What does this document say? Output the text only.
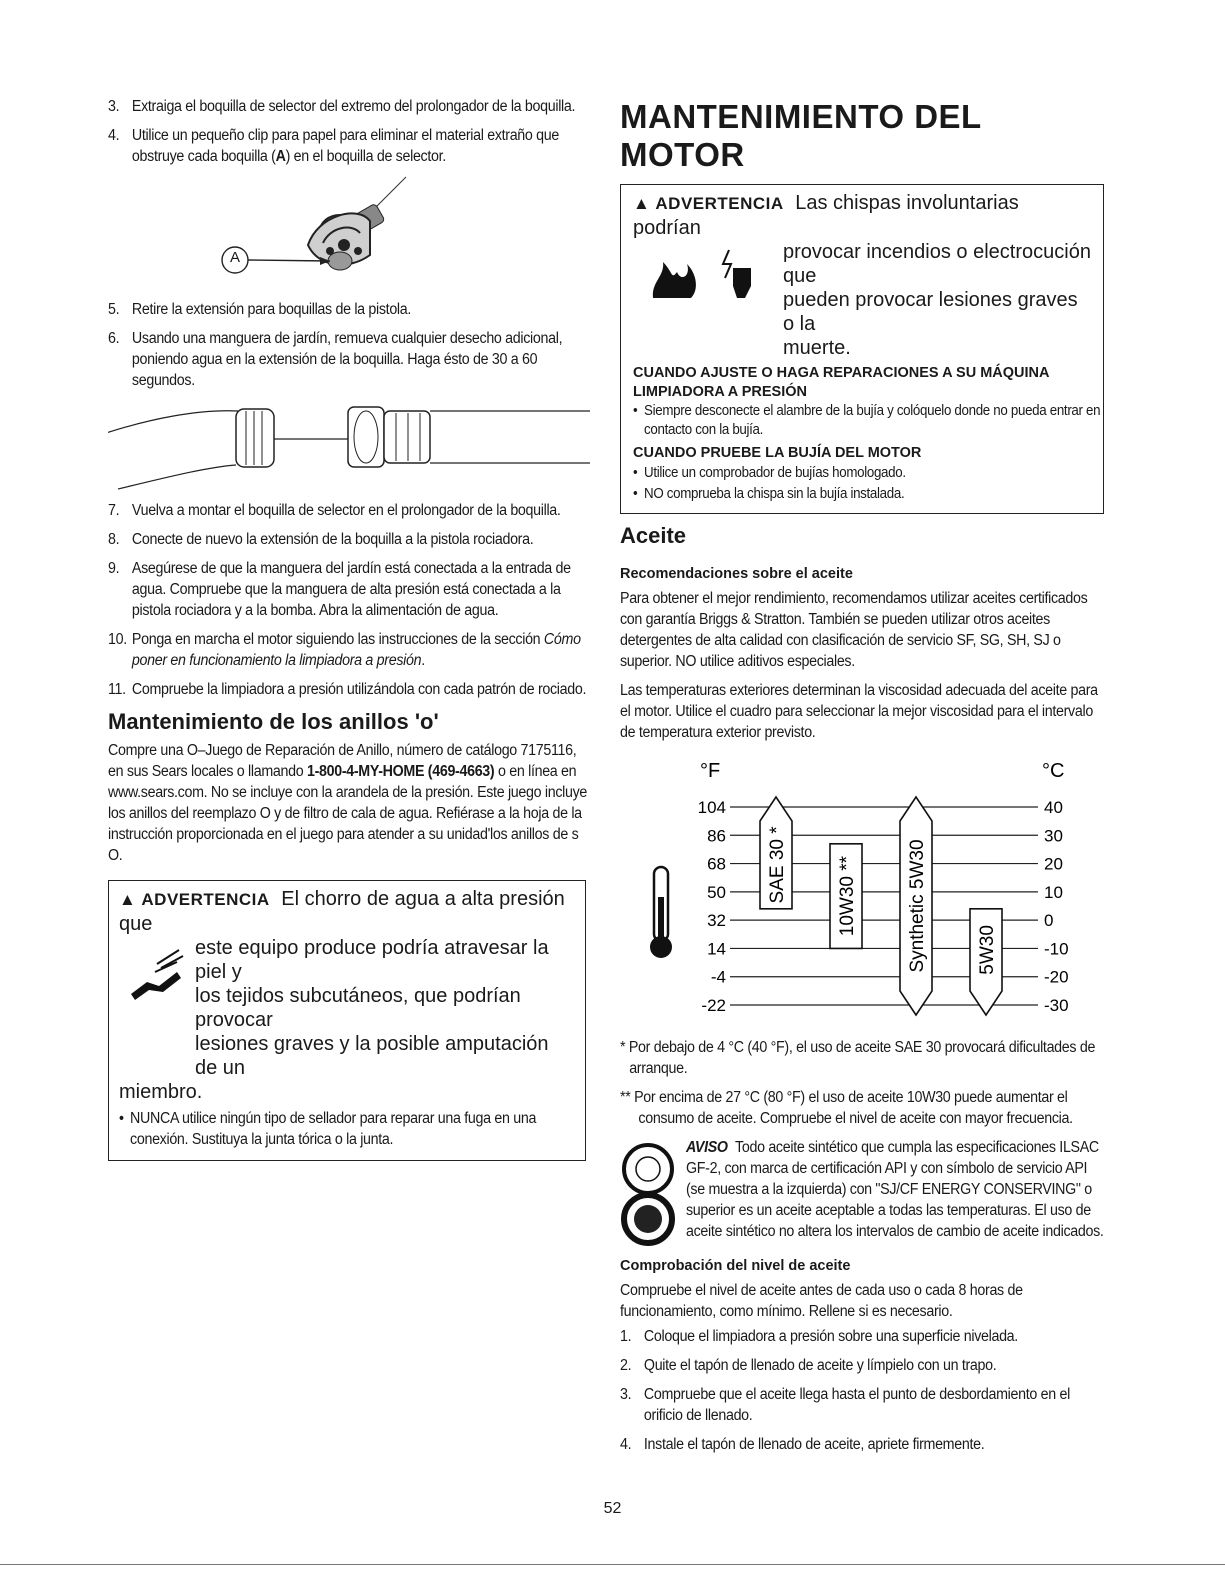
3. Extraiga el boquilla de selector del extremo del prolongador de la boquilla.
4. Utilice un pequeño clip para papel para eliminar el material extraño que obstruye cada boquilla (A) en el boquilla de selector.
A
5. Retire la extensión para boquillas de la pistola.
6. Usando una manguera de jardín, remueva cualquier desecho adicional, poniendo agua en la extensión de la boquilla. Haga ésto de 30 a 60 segundos.
7. Vuelva a montar el boquilla de selector en el prolongador de la boquilla.
8. Conecte de nuevo la extensión de la boquilla a la pistola rociadora.
9. Asegúrese de que la manguera del jardín está conectada a la entrada de agua. Compruebe que la manguera de alta presión está conectada a la pistola rociadora y a la bomba. Abra la alimentación de agua.
10. Ponga en marcha el motor siguiendo las instrucciones de la sección Cómo poner en funcionamiento la limpiadora a presión.
11. Compruebe la limpiadora a presión utilizándola con cada patrón de rociado.
Mantenimiento de los anillos 'o'

Compre una O–Juego de Reparación de Anillo, número de catálogo 7175116, en sus Sears locales o llamando 1-800-4-MY-HOME (469-4663) o en línea en www.sears.com. No se incluye con la arandela de la presión. Este juego incluye los anillos del reemplazo O y de filtro de cala de agua. Refiérase a la hoja de la instrucción proporcionada en el juego para atender a su unidad'los anillos de s O.

▲ ADVERTENCIA El chorro de agua a alta presión que
este equipo produce podría atravesar la piel y
los tejidos subcutáneos, que podrían provocar
lesiones graves y la posible amputación de un
miembro.
• NUNCA utilice ningún tipo de sellador para reparar una fuga en una conexión. Sustituya la junta tórica o la junta.
MANTENIMIENTO DEL MOTOR
▲ ADVERTENCIA Las chispas involuntarias podrían
provocar incendios o electrocución que
pueden provocar lesiones graves o la
muerte.
CUANDO AJUSTE O HAGA REPARACIONES A SU MÁQUINA LIMPIADORA A PRESIÓN
• Siempre desconecte el alambre de la bujía y colóquelo donde no pueda entrar en contacto con la bujía.
CUANDO PRUEBE LA BUJÍA DEL MOTOR
• Utilice un comprobador de bujías homologado.
• NO comprueba la chispa sin la bujía instalada.
Aceite
Recomendaciones sobre el aceite

Para obtener el mejor rendimiento, recomendamos utilizar aceites certificados con garantía Briggs & Stratton. También se pueden utilizar otros aceites detergentes de alta calidad con clasificación de servicio SF, SG, SH, SJ o superior. NO utilice aditivos especiales.

Las temperaturas exteriores determinan la viscosidad adecuada del aceite para el motor. Utilice el cuadro para seleccionar la mejor viscosidad para el intervalo de temperatura exterior previsto.

°F	°C
104	40
86	30
68	20
50	10
32	0
14	-10
-4	-20
-22	-30
SAE 30 *	10W30 **	Synthetic 5W30	5W30

* Por debajo de 4 °C (40 °F), el uso de aceite SAE 30 provocará dificultades de arranque.

** Por encima de 27 °C (80 °F) el uso de aceite 10W30 puede aumentar el consumo de aceite. Compruebe el nivel de aceite con mayor frecuencia.

AVISO Todo aceite sintético que cumpla las especificaciones ILSAC GF-2, con marca de certificación API y con símbolo de servicio API (se muestra a la izquierda) con "SJ/CF ENERGY CONSERVING" o superior es un aceite aceptable a todas las temperaturas. El uso de aceite sintético no altera los intervalos de cambio de aceite indicados.

Comprobación del nivel de aceite

Compruebe el nivel de aceite antes de cada uso o cada 8 horas de funcionamiento, como mínimo. Rellene si es necesario.

1. Coloque el limpiadora a presión sobre una superficie nivelada.
2. Quite el tapón de llenado de aceite y límpielo con un trapo.
3. Compruebe que el aceite llega hasta el punto de desbordamiento en el orificio de llenado.
4. Instale el tapón de llenado de aceite, apriete firmemente.
52
